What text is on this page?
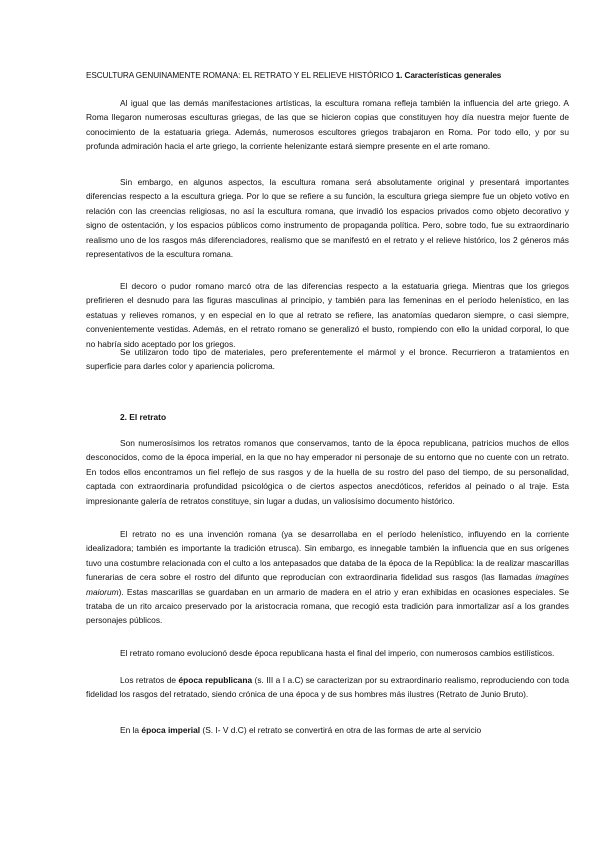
ESCULTURA GENUINAMENTE ROMANA: EL RETRATO Y EL RELIEVE HISTÓRICO 1. Características generales

Al igual que las demás manifestaciones artísticas, la escultura romana refleja también la influencia del arte griego. A Roma llegaron numerosas esculturas griegas, de las que se hicieron copias que constituyen hoy día nuestra mejor fuente de conocimiento de la estatuaria griega. Además, numerosos escultores griegos trabajaron en Roma. Por todo ello, y por su profunda admiración hacia el arte griego, la corriente helenizante estará siempre presente en el arte romano.

Sin embargo, en algunos aspectos, la escultura romana será absolutamente original y presentará importantes diferencias respecto a la escultura griega. Por lo que se refiere a su función, la escultura griega siempre fue un objeto votivo en relación con las creencias religiosas, no así la escultura romana, que invadió los espacios privados como objeto decorativo y signo de ostentación, y los espacios públicos como instrumento de propaganda política. Pero, sobre todo, fue su extraordinario realismo uno de los rasgos más diferenciadores, realismo que se manifestó en el retrato y el relieve histórico, los 2 géneros más representativos de la escultura romana.

El decoro o pudor romano marcó otra de las diferencias respecto a la estatuaria griega. Mientras que los griegos prefirieren el desnudo para las figuras masculinas al principio, y también para las femeninas en el período helenístico, en las estatuas y relieves romanos, y en especial en lo que al retrato se refiere, las anatomías quedaron siempre, o casi siempre, convenientemente vestidas. Además, en el retrato romano se generalizó el busto, rompiendo con ello la unidad corporal, lo que no habría sido aceptado por los griegos.

Se utilizaron todo tipo de materiales, pero preferentemente el mármol y el bronce. Recurrieron a tratamientos en superficie para darles color y apariencia policroma.

2. El retrato

Son numerosísimos los retratos romanos que conservamos, tanto de la época republicana, patricios muchos de ellos desconocidos, como de la época imperial, en la que no hay emperador ni personaje de su entorno que no cuente con un retrato. En todos ellos encontramos un fiel reflejo de sus rasgos y de la huella de su rostro del paso del tiempo, de su personalidad, captada con extraordinaria profundidad psicológica o de ciertos aspectos anecdóticos, referidos al peinado o al traje. Esta impresionante galería de retratos constituye, sin lugar a dudas, un valiosísimo documento histórico.

El retrato no es una invención romana (ya se desarrollaba en el período helenístico, influyendo en la corriente idealizadora; también es importante la tradición etrusca). Sin embargo, es innegable también la influencia que en sus orígenes tuvo una costumbre relacionada con el culto a los antepasados que databa de la época de la República: la de realizar mascarillas funerarias de cera sobre el rostro del difunto que reproducían con extraordinaria fidelidad sus rasgos (las llamadas imagines maiorum). Estas mascarillas se guardaban en un armario de madera en el atrio y eran exhibidas en ocasiones especiales. Se trataba de un rito arcaico preservado por la aristocracia romana, que recogió esta tradición para inmortalizar así a los grandes personajes públicos.

El retrato romano evolucionó desde época republicana hasta el final del imperio, con numerosos cambios estilísticos.

Los retratos de época republicana (s. III a I a.C) se caracterizan por su extraordinario realismo, reproduciendo con toda fidelidad los rasgos del retratado, siendo crónica de una época y de sus hombres más ilustres (Retrato de Junio Bruto).

En la época imperial (S. I- V d.C) el retrato se convertirá en otra de las formas de arte al servicio
